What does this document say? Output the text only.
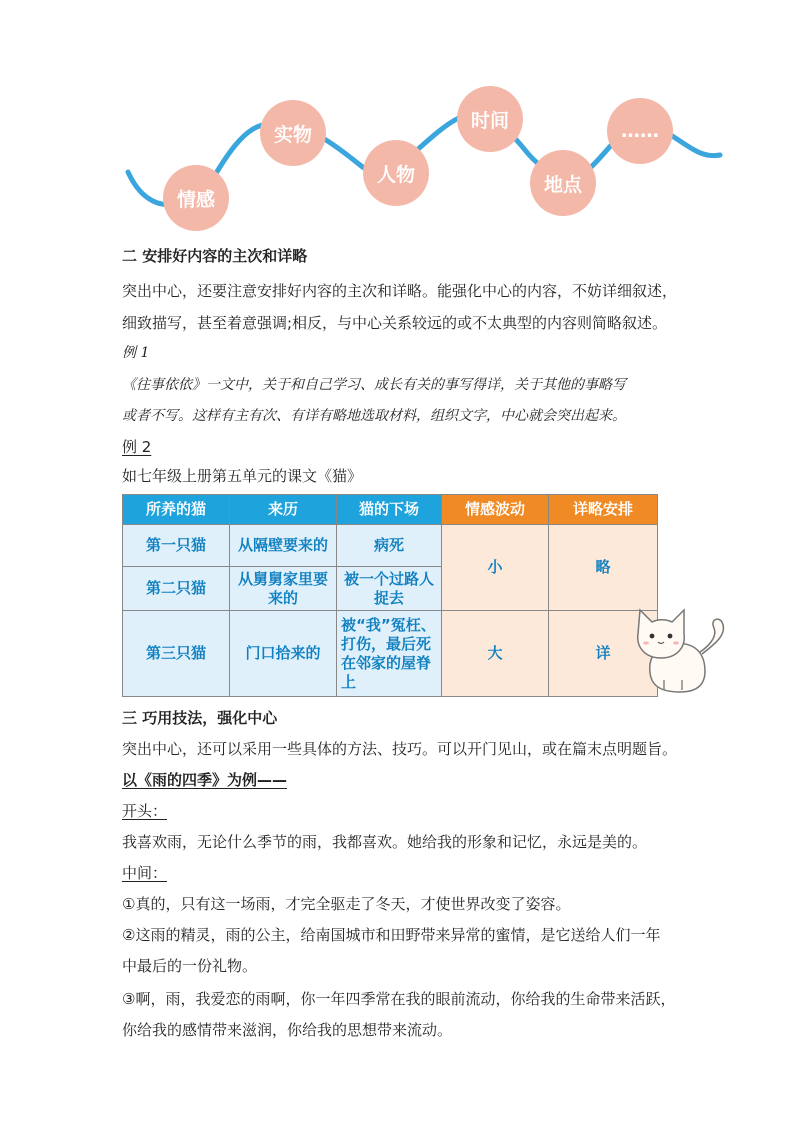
情感
实物
人物
时间
地点
……
二 安排好内容的主次和详略
突出中心，还要注意安排好内容的主次和详略。能强化中心的内容，不妨详细叙述，
细致描写，甚至着意强调;相反，与中心关系较远的或不太典型的内容则简略叙述。
例 1
《往事依依》一文中，关于和自己学习、成长有关的事写得详，关于其他的事略写
或者不写。这样有主有次、有详有略地选取材料，组织文字，中心就会突出起来。
例 2
如七年级上册第五单元的课文《猫》
所养的猫	来历	猫的下场	情感波动	详略安排
第一只猫	从隔壁要来的	病死	小	略
第二只猫	从舅舅家里要来的	被一个过路人捉去		
第三只猫	门口拾来的	被“我”冤枉、打伤，最后死在邻家的屋脊上	大	详
三 巧用技法，强化中心
突出中心，还可以采用一些具体的方法、技巧。可以开门见山，或在篇末点明题旨。
以《雨的四季》为例——
开头：
我喜欢雨，无论什么季节的雨，我都喜欢。她给我的形象和记忆，永远是美的。
中间：
①真的，只有这一场雨，才完全驱走了冬天，才使世界改变了姿容。
②这雨的精灵，雨的公主，给南国城市和田野带来异常的蜜情，是它送给人们一年
中最后的一份礼物。
③啊，雨，我爱恋的雨啊，你一年四季常在我的眼前流动，你给我的生命带来活跃，
你给我的感情带来滋润，你给我的思想带来流动。
